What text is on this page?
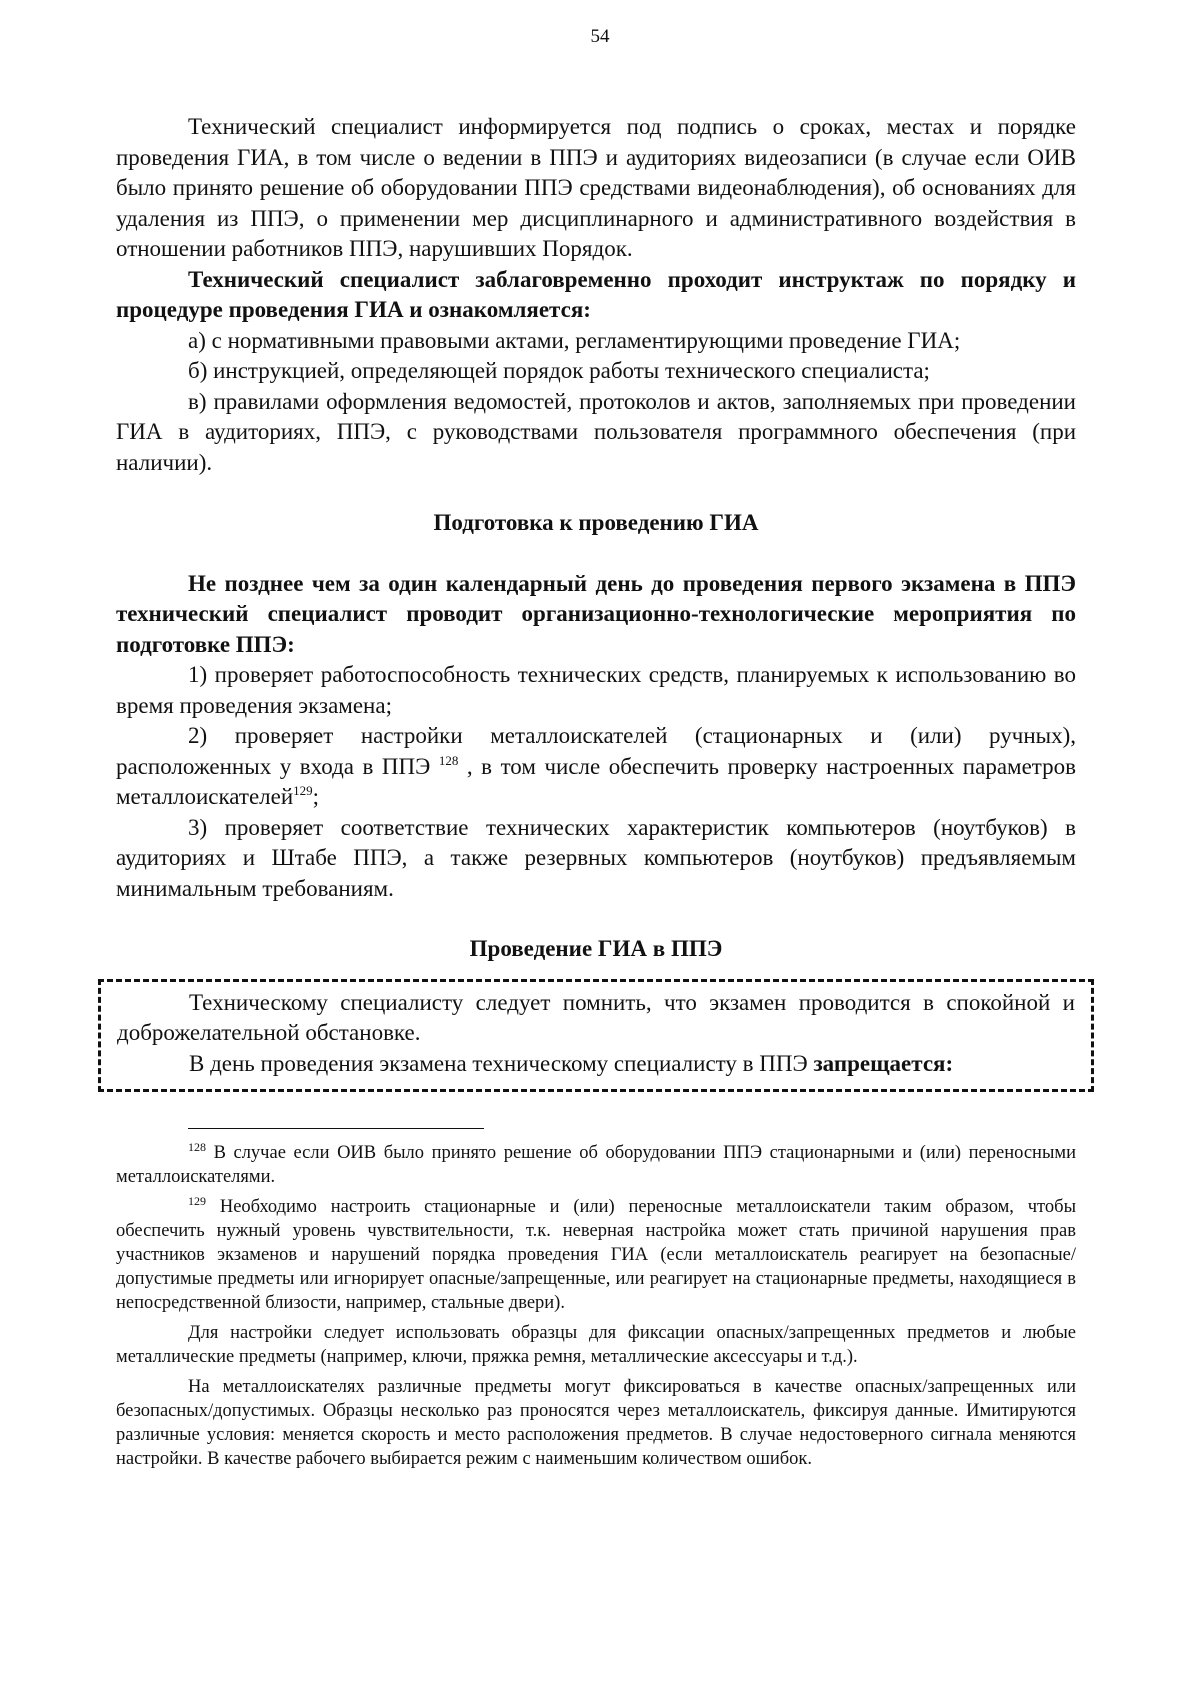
54

Технический специалист информируется под подпись о сроках, местах и порядке проведения ГИА, в том числе о ведении в ППЭ и аудиториях видеозаписи (в случае если ОИВ было принято решение об оборудовании ППЭ средствами видеонаблюдения), об основаниях для удаления из ППЭ, о применении мер дисциплинарного и административного воздействия в отношении работников ППЭ, нарушивших Порядок.

Технический специалист заблаговременно проходит инструктаж по порядку и процедуре проведения ГИА и ознакомляется:

а) с нормативными правовыми актами, регламентирующими проведение ГИА;

б) инструкцией, определяющей порядок работы технического специалиста;

в) правилами оформления ведомостей, протоколов и актов, заполняемых при проведении ГИА в аудиториях, ППЭ, с руководствами пользователя программного обеспечения (при наличии).

Подготовка к проведению ГИА

Не позднее чем за один календарный день до проведения первого экзамена в ППЭ технический специалист проводит организационно-технологические мероприятия по подготовке ППЭ:

1) проверяет работоспособность технических средств, планируемых к использованию во время проведения экзамена;

2) проверяет настройки металлоискателей (стационарных и (или) ручных), расположенных у входа в ППЭ $^{128}$ , в том числе обеспечить проверку настроенных параметров металлоискателей$^{129}$;

3) проверяет соответствие технических характеристик компьютеров (ноутбуков) в аудиториях и Штабе ППЭ, а также резервных компьютеров (ноутбуков) предъявляемым минимальным требованиям.

Проведение ГИА в ППЭ

Техническому специалисту следует помнить, что экзамен проводится в спокойной и доброжелательной обстановке.

В день проведения экзамена техническому специалисту в ППЭ запрещается:

$^{128}$ В случае если ОИВ было принято решение об оборудовании ППЭ стационарными и (или) переносными металлоискателями.

$^{129}$ Необходимо настроить стационарные и (или) переносные металлоискатели таким образом, чтобы обеспечить нужный уровень чувствительности, т.к. неверная настройка может стать причиной нарушения прав участников экзаменов и нарушений порядка проведения ГИА (если металлоискатель реагирует на безопасные/допустимые предметы или игнорирует опасные/запрещенные, или реагирует на стационарные предметы, находящиеся в непосредственной близости, например, стальные двери).

Для настройки следует использовать образцы для фиксации опасных/запрещенных предметов и любые металлические предметы (например, ключи, пряжка ремня, металлические аксессуары и т.д.).

На металлоискателях различные предметы могут фиксироваться в качестве опасных/запрещенных или безопасных/допустимых. Образцы несколько раз проносятся через металлоискатель, фиксируя данные. Имитируются различные условия: меняется скорость и место расположения предметов. В случае недостоверного сигнала меняются настройки. В качестве рабочего выбирается режим с наименьшим количеством ошибок.
